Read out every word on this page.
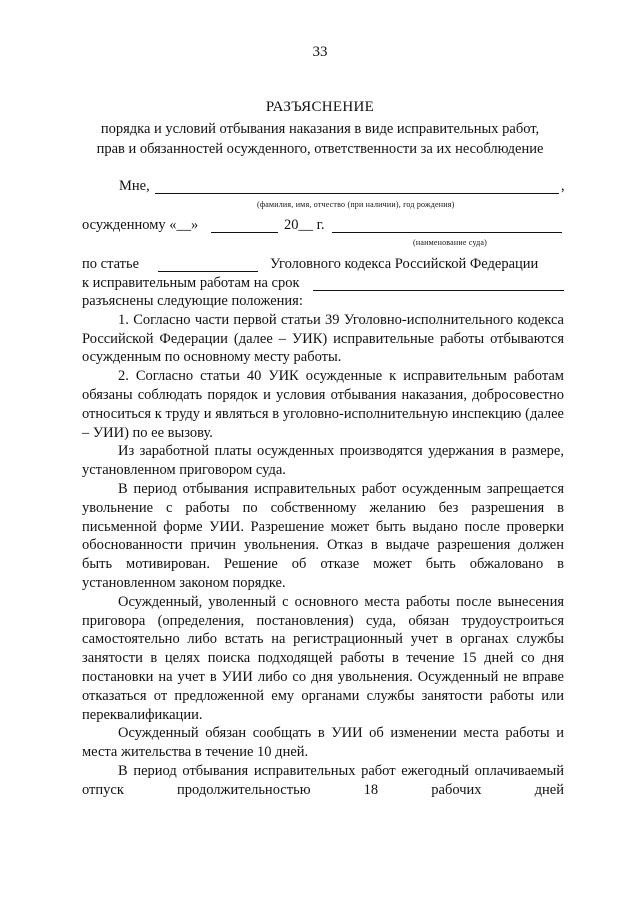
33
РАЗЪЯСНЕНИЕ
порядка и условий отбывания наказания в виде исправительных работ,
прав и обязанностей осужденного, ответственности за их несоблюдение
Мне,	,
(фамилия, имя, отчество (при наличии), год рождения)
осужденному «__»	20__ г.
(наименование суда)
по статье	Уголовного кодекса Российской Федерации
к исправительным работам на срок

разъяснены следующие положения:

1. Согласно части первой статьи 39 Уголовно-исполнительного кодекса Российской Федерации (далее – УИК) исправительные работы отбываются осужденным по основному месту работы.

2. Согласно статьи 40 УИК осужденные к исправительным работам обязаны соблюдать порядок и условия отбывания наказания, добросовестно относиться к труду и являться в уголовно-исполнительную инспекцию (далее – УИИ) по ее вызову.

Из заработной платы осужденных производятся удержания в размере, установленном приговором суда.

В период отбывания исправительных работ осужденным запрещается увольнение с работы по собственному желанию без разрешения в письменной форме УИИ. Разрешение может быть выдано после проверки обоснованности причин увольнения. Отказ в выдаче разрешения должен быть мотивирован. Решение об отказе может быть обжаловано в установленном законом порядке.

Осужденный, уволенный с основного места работы после вынесения приговора (определения, постановления) суда, обязан трудоустроиться самостоятельно либо встать на регистрационный учет в органах службы занятости в целях поиска подходящей работы в течение 15 дней со дня постановки на учет в УИИ либо со дня увольнения. Осужденный не вправе отказаться от предложенной ему органами службы занятости работы или переквалификации.

Осужденный обязан сообщать в УИИ об изменении места работы и места жительства в течение 10 дней.

В период отбывания исправительных работ ежегодный оплачиваемый отпуск продолжительностью 18 рабочих дней
